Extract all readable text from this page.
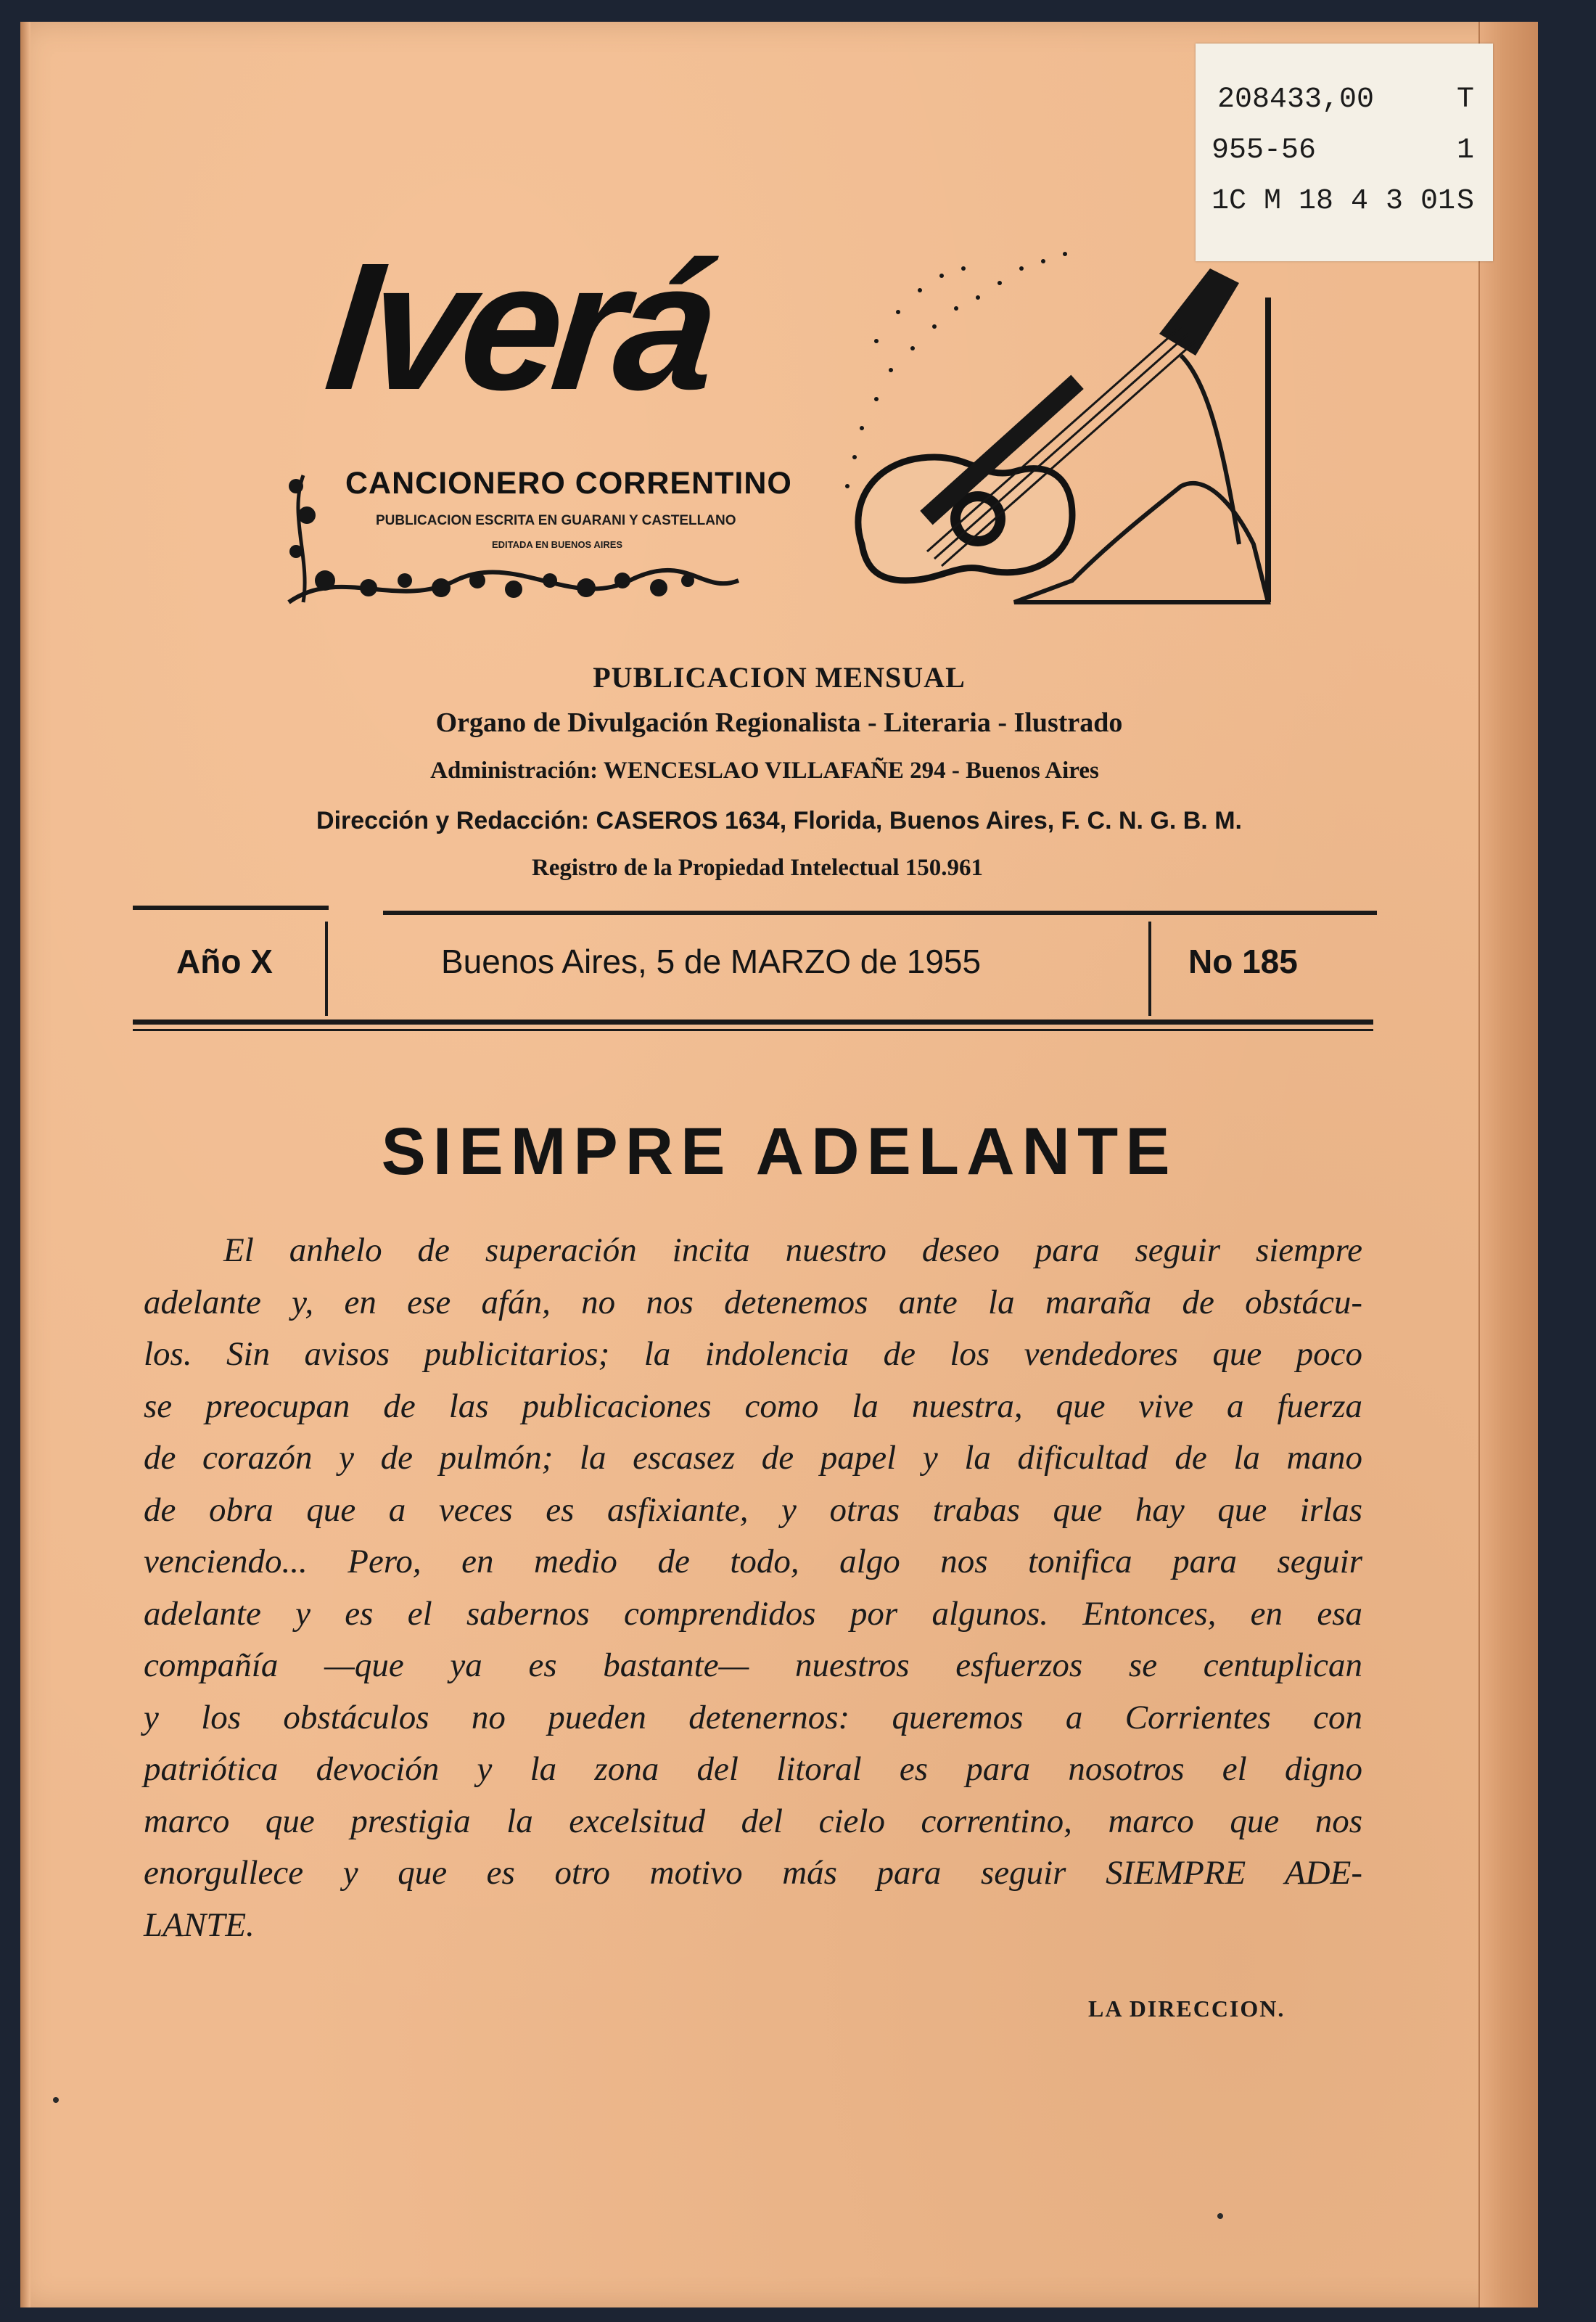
208433,00	T
955-56	1
1C M 18 4 3 01 S
Iverá
CANCIONERO CORRENTINO
PUBLICACION ESCRITA EN GUARANI Y CASTELLANO
EDITADA EN BUENOS AIRES
PUBLICACION MENSUAL
Organo de Divulgación Regionalista - Literaria - Ilustrado
Administración: WENCESLAO VILLAFAÑE 294 - Buenos Aires
Dirección y Redacción: CASEROS 1634, Florida, Buenos Aires, F. C. N. G. B. M.
Registro de la Propiedad Intelectual 150.961
Año X	Buenos Aires, 5 de MARZO de 1955	No 185
SIEMPRE ADELANTE
El anhelo de superación incita nuestro deseo para seguir siempre
adelante y, en ese afán, no nos detenemos ante la maraña de obstácu-
los. Sin avisos publicitarios; la indolencia de los vendedores que poco
se preocupan de las publicaciones como la nuestra, que vive a fuerza
de corazón y de pulmón; la escasez de papel y la dificultad de la mano
de obra que a veces es asfixiante, y otras trabas que hay que irlas
venciendo... Pero, en medio de todo, algo nos tonifica para seguir
adelante y es el sabernos comprendidos por algunos. Entonces, en esa
compañía —que ya es bastante— nuestros esfuerzos se centuplican
y los obstáculos no pueden detenernos: queremos a Corrientes con
patriótica devoción y la zona del litoral es para nosotros el digno
marco que prestigia la excelsitud del cielo correntino, marco que nos
enorgullece y que es otro motivo más para seguir SIEMPRE ADE-
LANTE.
LA DIRECCION.
